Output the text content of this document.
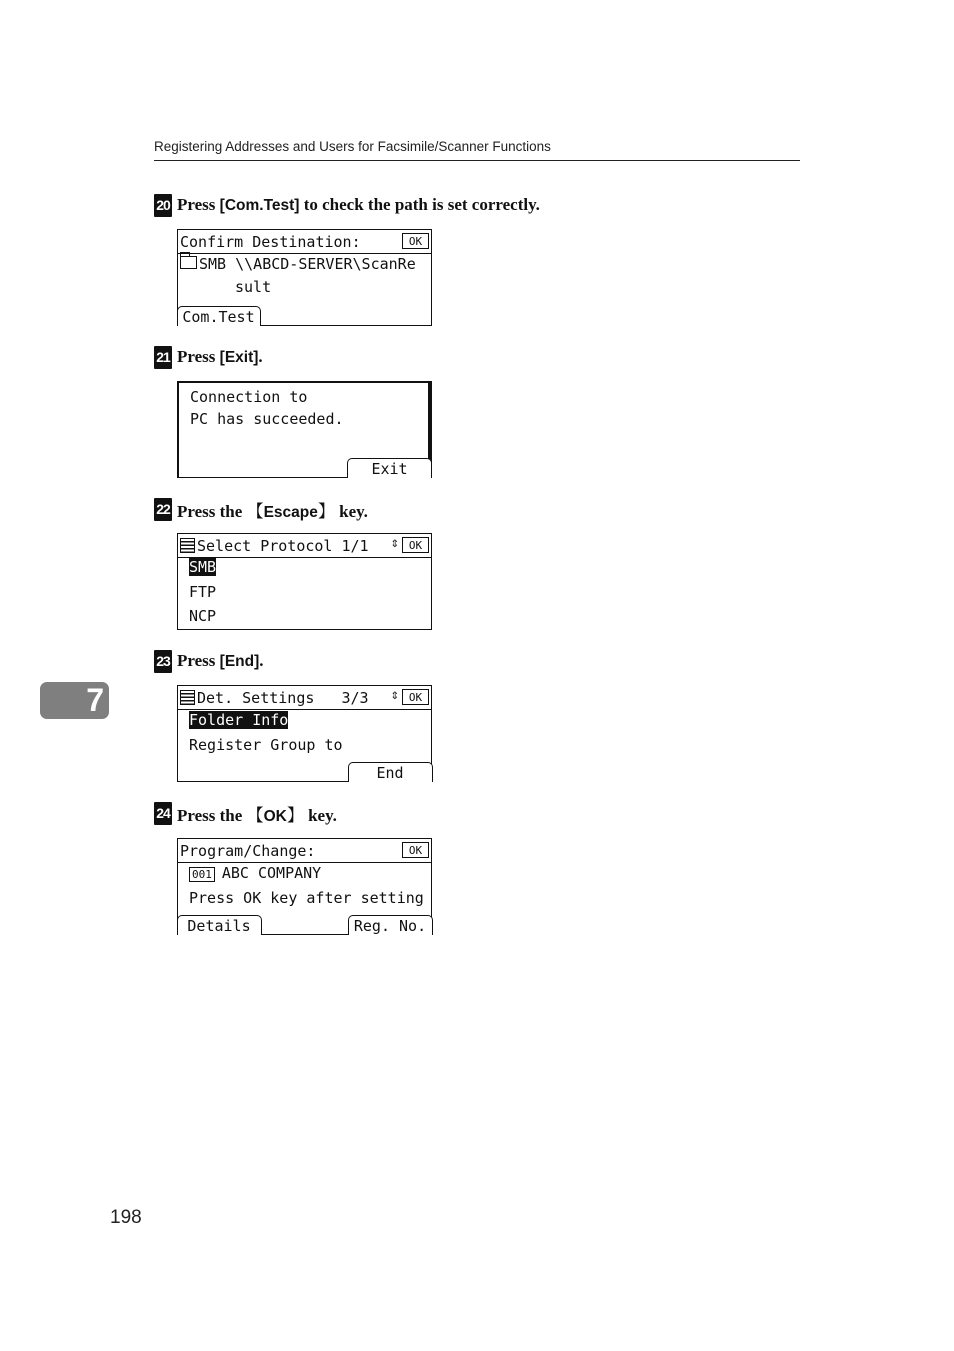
Registering Addresses and Users for Facsimile/Scanner Functions
20 Press [Com.Test] to check the path is set correctly.
Confirm Destination:	OK
SMB \\ABCD-SERVER\ScanRe
sult
Com.Test
21 Press [Exit].
Connection to
PC has succeeded.
Exit
22 Press the 【Escape】 key.
Select Protocol 1/1 ⇕ OK
SMB
FTP
NCP
23 Press [End].
Det. Settings   3/3 ⇕ OK
Folder Info
Register Group to
End
24 Press the 【OK】 key.
Program/Change:	OK
001 ABC COMPANY
Press OK key after setting
Details	Reg. No.
7
198
